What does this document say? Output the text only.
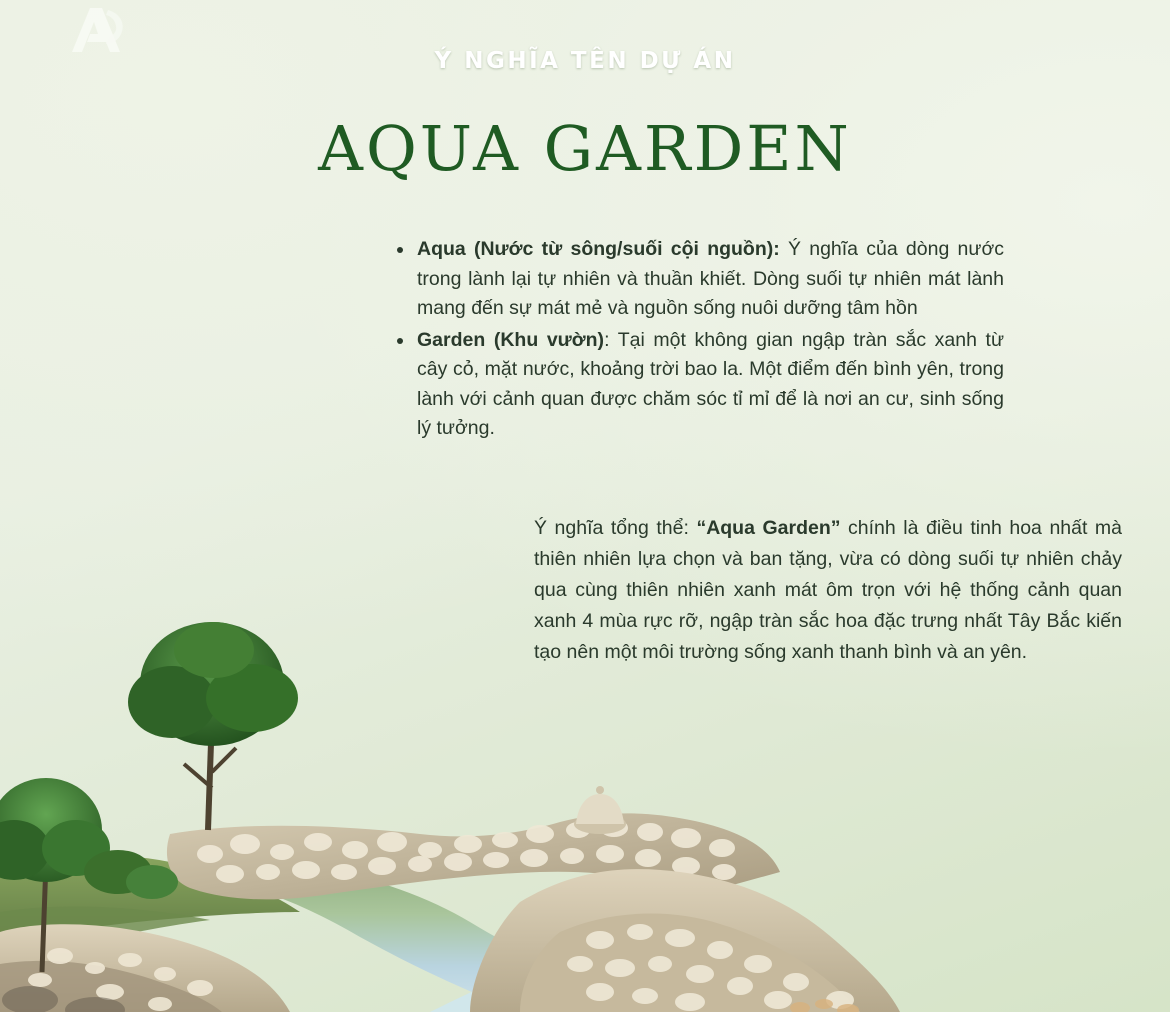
Ý NGHĨA TÊN DỰ ÁN
AQUA GARDEN
Aqua (Nước từ sông/suối cội nguồn): Ý nghĩa của dòng nước trong lành lại tự nhiên và thuần khiết. Dòng suối tự nhiên mát lành mang đến sự mát mẻ và nguồn sống nuôi dưỡng tâm hồn
Garden (Khu vườn): Tại một không gian ngập tràn sắc xanh từ cây cỏ, mặt nước, khoảng trời bao la. Một điểm đến bình yên, trong lành với cảnh quan được chăm sóc tỉ mỉ để là nơi an cư, sinh sống lý tưởng.
Ý nghĩa tổng thể: “Aqua Garden” chính là điều tinh hoa nhất mà thiên nhiên lựa chọn và ban tặng, vừa có dòng suối tự nhiên chảy qua cùng thiên nhiên xanh mát ôm trọn với hệ thống cảnh quan xanh 4 mùa rực rỡ, ngập tràn sắc hoa đặc trưng nhất Tây Bắc kiến tạo nên một môi trường sống xanh thanh bình và an yên.
